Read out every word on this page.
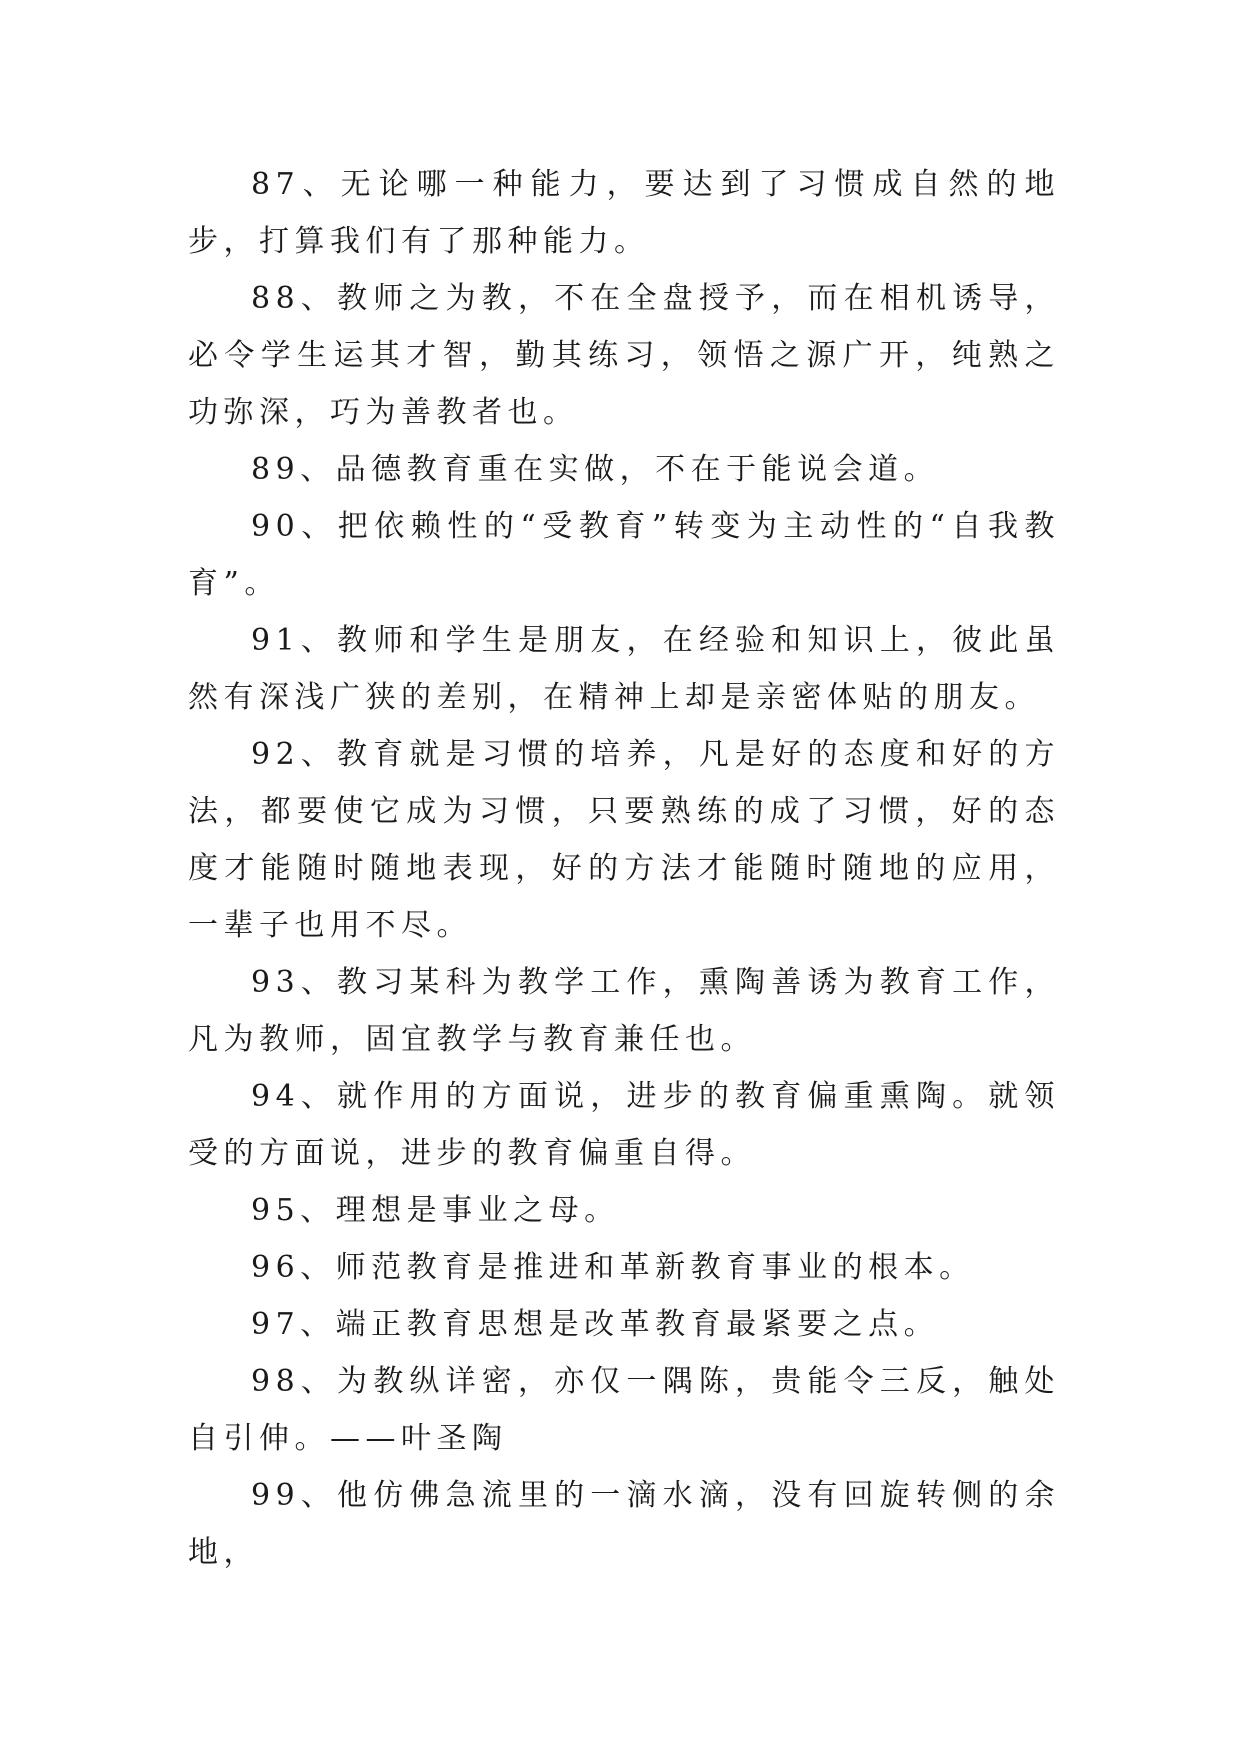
87、无论哪一种能力，要达到了习惯成自然的地步，打算我们有了那种能力。

88、教师之为教，不在全盘授予，而在相机诱导，必令学生运其才智，勤其练习，领悟之源广开，纯熟之功弥深，巧为善教者也。

89、品德教育重在实做，不在于能说会道。

90、把依赖性的“受教育”转变为主动性的“自我教育”。

91、教师和学生是朋友，在经验和知识上，彼此虽然有深浅广狭的差别，在精神上却是亲密体贴的朋友。

92、教育就是习惯的培养，凡是好的态度和好的方法，都要使它成为习惯，只要熟练的成了习惯，好的态度才能随时随地表现，好的方法才能随时随地的应用，一辈子也用不尽。

93、教习某科为教学工作，熏陶善诱为教育工作，凡为教师，固宜教学与教育兼任也。

94、就作用的方面说，进步的教育偏重熏陶。就领受的方面说，进步的教育偏重自得。

95、理想是事业之母。

96、师范教育是推进和革新教育事业的根本。

97、端正教育思想是改革教育最紧要之点。

98、为教纵详密，亦仅一隅陈，贵能令三反，触处自引伸。——叶圣陶

99、他仿佛急流里的一滴水滴，没有回旋转侧的余地，
